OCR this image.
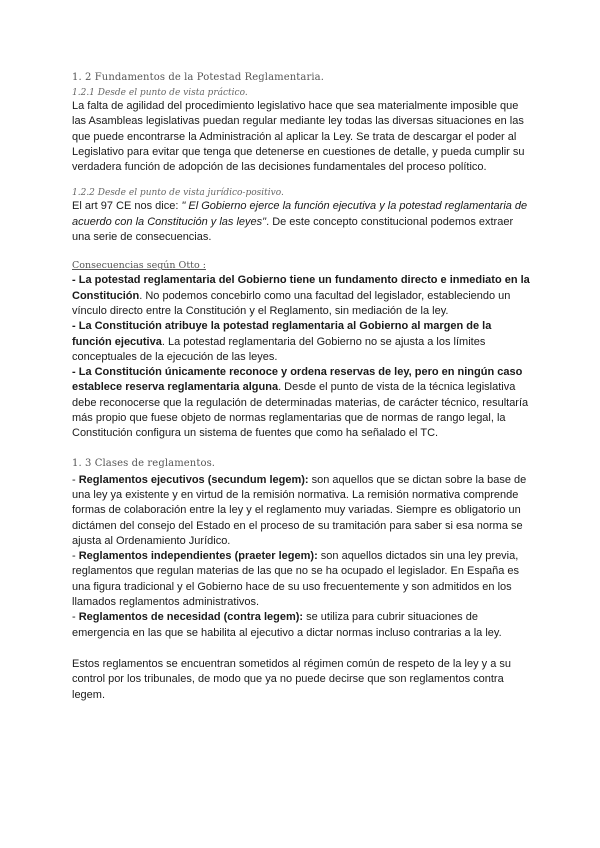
1. 2 Fundamentos de la Potestad Reglamentaria.
1.2.1 Desde el punto de vista práctico.

La falta de agilidad del procedimiento legislativo hace que sea materialmente imposible que las Asambleas legislativas puedan regular mediante ley todas las diversas situaciones en las que puede encontrarse la Administración al aplicar la Ley. Se trata de descargar el poder al Legislativo para evitar que tenga que detenerse en cuestiones de detalle, y pueda cumplir su verdadera función de adopción de las decisiones fundamentales del proceso político.

1.2.2 Desde el punto de vista jurídico-positivo.

El art 97 CE nos dice: " El Gobierno ejerce la función ejecutiva y la potestad reglamentaria de acuerdo con la Constitución y las leyes". De este concepto constitucional podemos extraer una serie de consecuencias.

Consecuencias según Otto :

- La potestad reglamentaria del Gobierno tiene un fundamento directo e inmediato en la Constitución. No podemos concebirlo como una facultad del legislador, estableciendo un vínculo directo entre la Constitución y el Reglamento, sin mediación de la ley.

- La Constitución atribuye la potestad reglamentaria al Gobierno al margen de la función ejecutiva. La potestad reglamentaria del Gobierno no se ajusta a los límites conceptuales de la ejecución de las leyes.

- La Constitución únicamente reconoce y ordena reservas de ley, pero en ningún caso establece reserva reglamentaria alguna. Desde el punto de vista de la técnica legislativa debe reconocerse que la regulación de determinadas materias, de carácter técnico, resultaría más propio que fuese objeto de normas reglamentarias que de normas de rango legal, la Constitución configura un sistema de fuentes que como ha señalado el TC.

1. 3 Clases de reglamentos.

- Reglamentos ejecutivos (secundum legem): son aquellos que se dictan sobre la base de una ley ya existente y en virtud de la remisión normativa. La remisión normativa comprende formas de colaboración entre la ley y el reglamento muy variadas. Siempre es obligatorio un dictámen del consejo del Estado en el proceso de su tramitación para saber si esa norma se ajusta al Ordenamiento Jurídico.

- Reglamentos independientes (praeter legem): son aquellos dictados sin una ley previa, reglamentos que regulan materias de las que no se ha ocupado el legislador. En España es una figura tradicional y el Gobierno hace de su uso frecuentemente y son admitidos en los llamados reglamentos administrativos.

- Reglamentos de necesidad (contra legem): se utiliza para cubrir situaciones de emergencia en las que se habilita al ejecutivo a dictar normas incluso contrarias a la ley.

Estos reglamentos se encuentran sometidos al régimen común de respeto de la ley y a su control por los tribunales, de modo que ya no puede decirse que son reglamentos contra legem.
